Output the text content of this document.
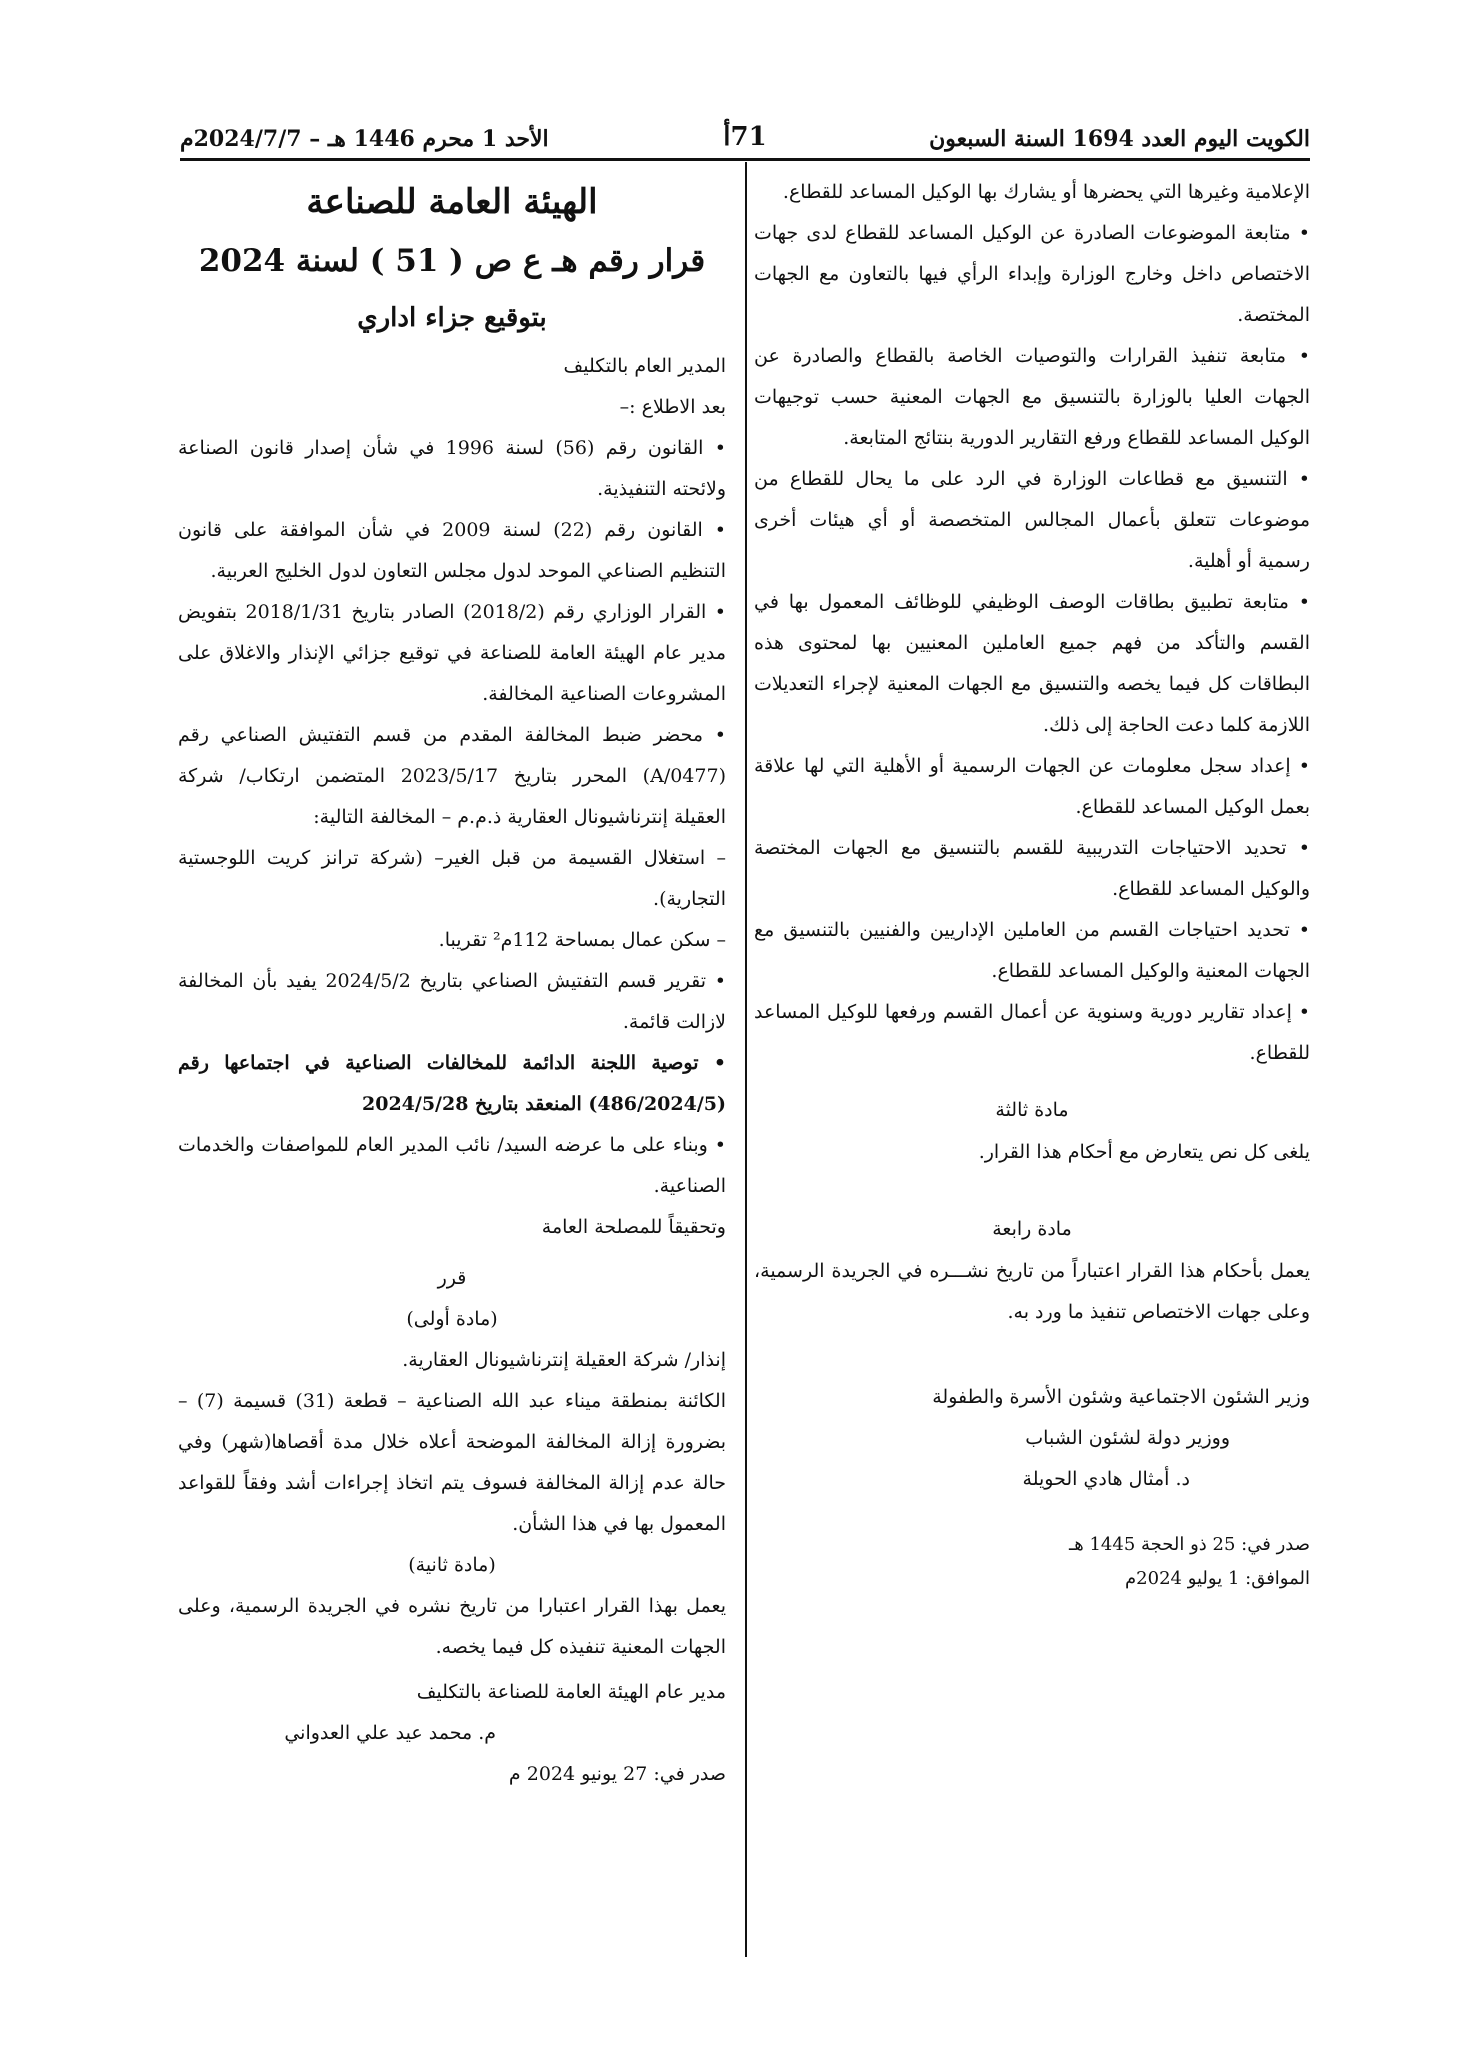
الكويت اليوم العدد 1694 السنة السبعون
71أ
الأحد 1 محرم 1446 هـ – 2024/7/7م

الإعلامية وغيرها التي يحضرها أو يشارك بها الوكيل المساعد للقطاع.

• متابعة الموضوعات الصادرة عن الوكيل المساعد للقطاع لدى جهات الاختصاص داخل وخارج الوزارة وإبداء الرأي فيها بالتعاون مع الجهات المختصة.

• متابعة تنفيذ القرارات والتوصيات الخاصة بالقطاع والصادرة عن الجهات العليا بالوزارة بالتنسيق مع الجهات المعنية حسب توجيهات الوكيل المساعد للقطاع ورفع التقارير الدورية بنتائج المتابعة.

• التنسيق مع قطاعات الوزارة في الرد على ما يحال للقطاع من موضوعات تتعلق بأعمال المجالس المتخصصة أو أي هيئات أخرى رسمية أو أهلية.

• متابعة تطبيق بطاقات الوصف الوظيفي للوظائف المعمول بها في القسم والتأكد من فهم جميع العاملين المعنيين بها لمحتوى هذه البطاقات كل فيما يخصه والتنسيق مع الجهات المعنية لإجراء التعديلات اللازمة كلما دعت الحاجة إلى ذلك.

• إعداد سجل معلومات عن الجهات الرسمية أو الأهلية التي لها علاقة بعمل الوكيل المساعد للقطاع.

• تحديد الاحتياجات التدريبية للقسم بالتنسيق مع الجهات المختصة والوكيل المساعد للقطاع.

• تحديد احتياجات القسم من العاملين الإداريين والفنيين بالتنسيق مع الجهات المعنية والوكيل المساعد للقطاع.

• إعداد تقارير دورية وسنوية عن أعمال القسم ورفعها للوكيل المساعد للقطاع.

مادة ثالثة

يلغى كل نص يتعارض مع أحكام هذا القرار.

مادة رابعة

يعمل بأحكام هذا القرار اعتباراً من تاريخ نشـــره في الجريدة الرسمية، وعلى جهات الاختصاص تنفيذ ما ورد به.

وزير الشئون الاجتماعية وشئون الأسرة والطفولة

ووزير دولة لشئون الشباب

د. أمثال هادي الحويلة

صدر في: 25 ذو الحجة 1445 هـ

الموافق: 1 يوليو 2024م

الهيئة العامة للصناعة

قرار رقم هـ ع ص ( 51 ) لسنة 2024

بتوقيع جزاء اداري

المدير العام بالتكليف

بعد الاطلاع :–

• القانون رقم (56) لسنة 1996 في شأن إصدار قانون الصناعة ولائحته التنفيذية.

• القانون رقم (22) لسنة 2009 في شأن الموافقة على قانون التنظيم الصناعي الموحد لدول مجلس التعاون لدول الخليج العربية.

• القرار الوزاري رقم (2018/2) الصادر بتاريخ 2018/1/31 بتفويض مدير عام الهيئة العامة للصناعة في توقيع جزائي الإنذار والاغلاق على المشروعات الصناعية المخالفة.

• محضر ضبط المخالفة المقدم من قسم التفتيش الصناعي رقم (A/0477) المحرر بتاريخ 2023/5/17 المتضمن ارتكاب/ شركة العقيلة إنترناشيونال العقارية ذ.م.م – المخالفة التالية:

– استغلال القسيمة من قبل الغير– (شركة ترانز كريت اللوجستية التجارية).

– سكن عمال بمساحة 112م² تقريبا.

• تقرير قسم التفتيش الصناعي بتاريخ 2024/5/2 يفيد بأن المخالفة لازالت قائمة.

• توصية اللجنة الدائمة للمخالفات الصناعية في اجتماعها رقم (486/2024/5) المنعقد بتاريخ 2024/5/28

• وبناء على ما عرضه السيد/ نائب المدير العام للمواصفات والخدمات الصناعية.

وتحقيقاً للمصلحة العامة

قرر

(مادة أولى)

إنذار/ شركة العقيلة إنترناشيونال العقارية.

الكائنة بمنطقة ميناء عبد الله الصناعية – قطعة (31) قسيمة (7) – بضرورة إزالة المخالفة الموضحة أعلاه خلال مدة أقصاها(شهر) وفي حالة عدم إزالة المخالفة فسوف يتم اتخاذ إجراءات أشد وفقاً للقواعد المعمول بها في هذا الشأن.

(مادة ثانية)

يعمل بهذا القرار اعتبارا من تاريخ نشره في الجريدة الرسمية، وعلى الجهات المعنية تنفيذه كل فيما يخصه.

مدير عام الهيئة العامة للصناعة بالتكليف

م. محمد عيد علي العدواني

صدر في: 27 يونيو 2024 م
